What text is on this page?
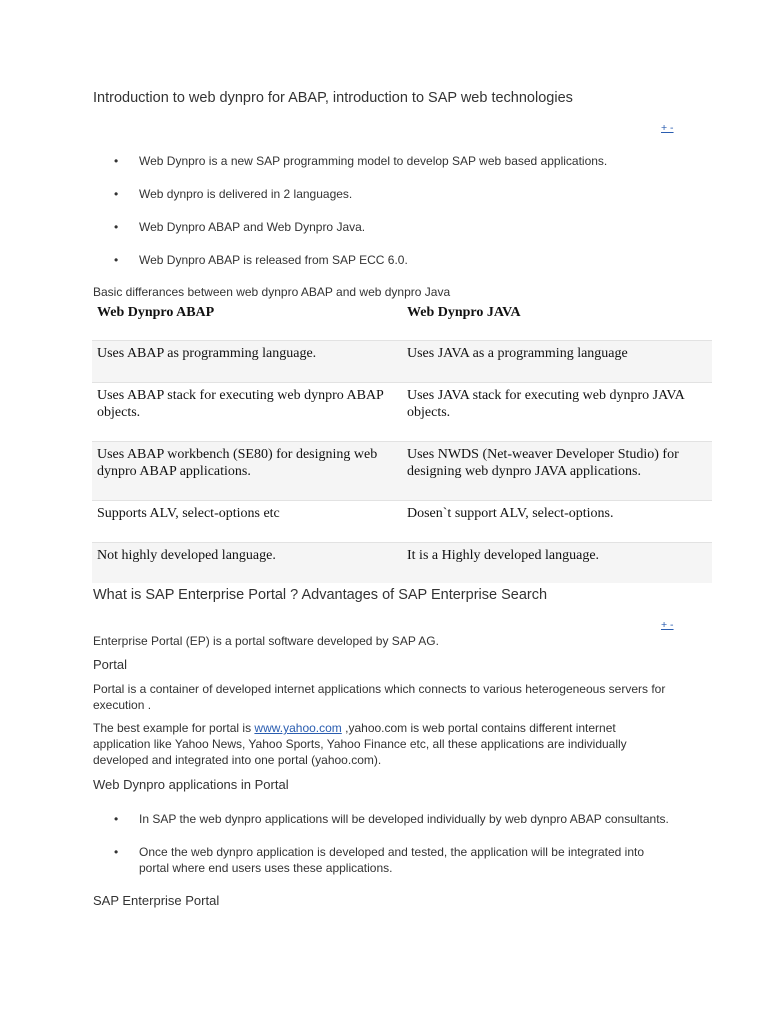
Introduction to web dynpro for ABAP, introduction to SAP web technologies
+ -
• Web Dynpro is a new SAP programming model to develop SAP web based applications.
• Web dynpro is delivered in 2 languages.
• Web Dynpro ABAP and Web Dynpro Java.
• Web Dynpro ABAP is released from SAP ECC 6.0.
Basic differances between web dynpro ABAP and web dynpro Java
Web Dynpro ABAP	Web Dynpro JAVA
Uses ABAP as programming language.	Uses JAVA as a programming language
Uses ABAP stack for executing web dynpro ABAP objects.	Uses JAVA stack for executing web dynpro JAVA objects.
Uses ABAP workbench (SE80) for designing web dynpro ABAP applications.	Uses NWDS (Net-weaver Developer Studio) for designing web dynpro JAVA applications.
Supports ALV, select-options etc	Dosen`t support ALV, select-options.
Not highly developed language.	It is a Highly developed language.
What is SAP Enterprise Portal ? Advantages of SAP Enterprise Search
+ -
Enterprise Portal (EP) is a portal software developed by SAP AG.
Portal
Portal is a container of developed internet applications which connects to various heterogeneous servers for execution .
The best example for portal is www.yahoo.com ,yahoo.com is web portal contains different internet application like Yahoo News, Yahoo Sports, Yahoo Finance etc, all these applications are individually developed and integrated into one portal (yahoo.com).
Web Dynpro applications in Portal
• In SAP the web dynpro applications will be developed individually by web dynpro ABAP consultants.
• Once the web dynpro application is developed and tested, the application will be integrated into portal where end users uses these applications.
SAP Enterprise Portal
